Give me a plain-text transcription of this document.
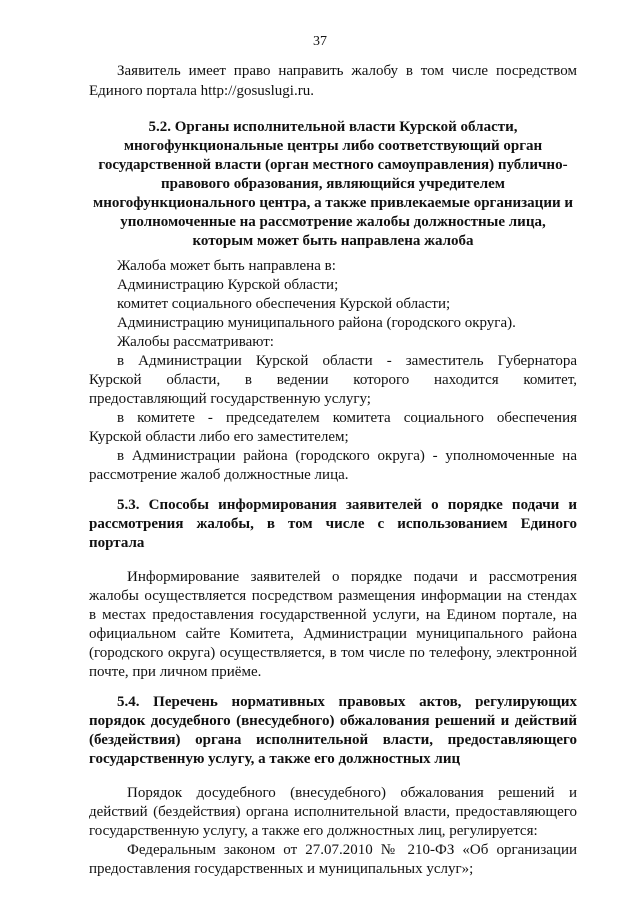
37
Заявитель имеет право направить жалобу в том числе посредством
Единого портала http://gosuslugi.ru.
5.2. Органы исполнительной власти Курской области,
многофункциональные центры либо соответствующий орган
государственной власти (орган местного самоуправления) публично-
правового образования, являющийся учредителем
многофункционального центра, а также привлекаемые организации и
уполномоченные на рассмотрение жалобы должностные лица,
которым может быть направлена жалоба
Жалоба может быть направлена в:
Администрацию Курской области;
комитет социального обеспечения Курской области;
Администрацию муниципального района (городского округа).
Жалобы рассматривают:
в Администрации Курской области - заместитель Губернатора
Курской области, в ведении которого находится комитет,
предоставляющий государственную услугу;
в комитете - председателем комитета социального обеспечения
Курской области либо его заместителем;
в Администрации района (городского округа) - уполномоченные на
рассмотрение жалоб должностные лица.
5.3. Способы информирования заявителей о порядке подачи и
рассмотрения жалобы, в том числе с использованием Единого
портала
Информирование заявителей о порядке подачи и рассмотрения
жалобы осуществляется посредством размещения информации на стендах
в местах предоставления государственной услуги, на Едином портале, на
официальном сайте Комитета, Администрации муниципального района
(городского округа) осуществляется, в том числе по телефону, электронной
почте, при личном приёме.
5.4. Перечень нормативных правовых актов, регулирующих
порядок досудебного (внесудебного) обжалования решений и действий
(бездействия) органа исполнительной власти, предоставляющего
государственную услугу, а также его должностных лиц
Порядок досудебного (внесудебного) обжалования решений и
действий (бездействия) органа исполнительной власти, предоставляющего
государственную услугу, а также его должностных лиц, регулируется:
Федеральным законом от 27.07.2010 № 210-ФЗ «Об организации
предоставления государственных и муниципальных услуг»;
